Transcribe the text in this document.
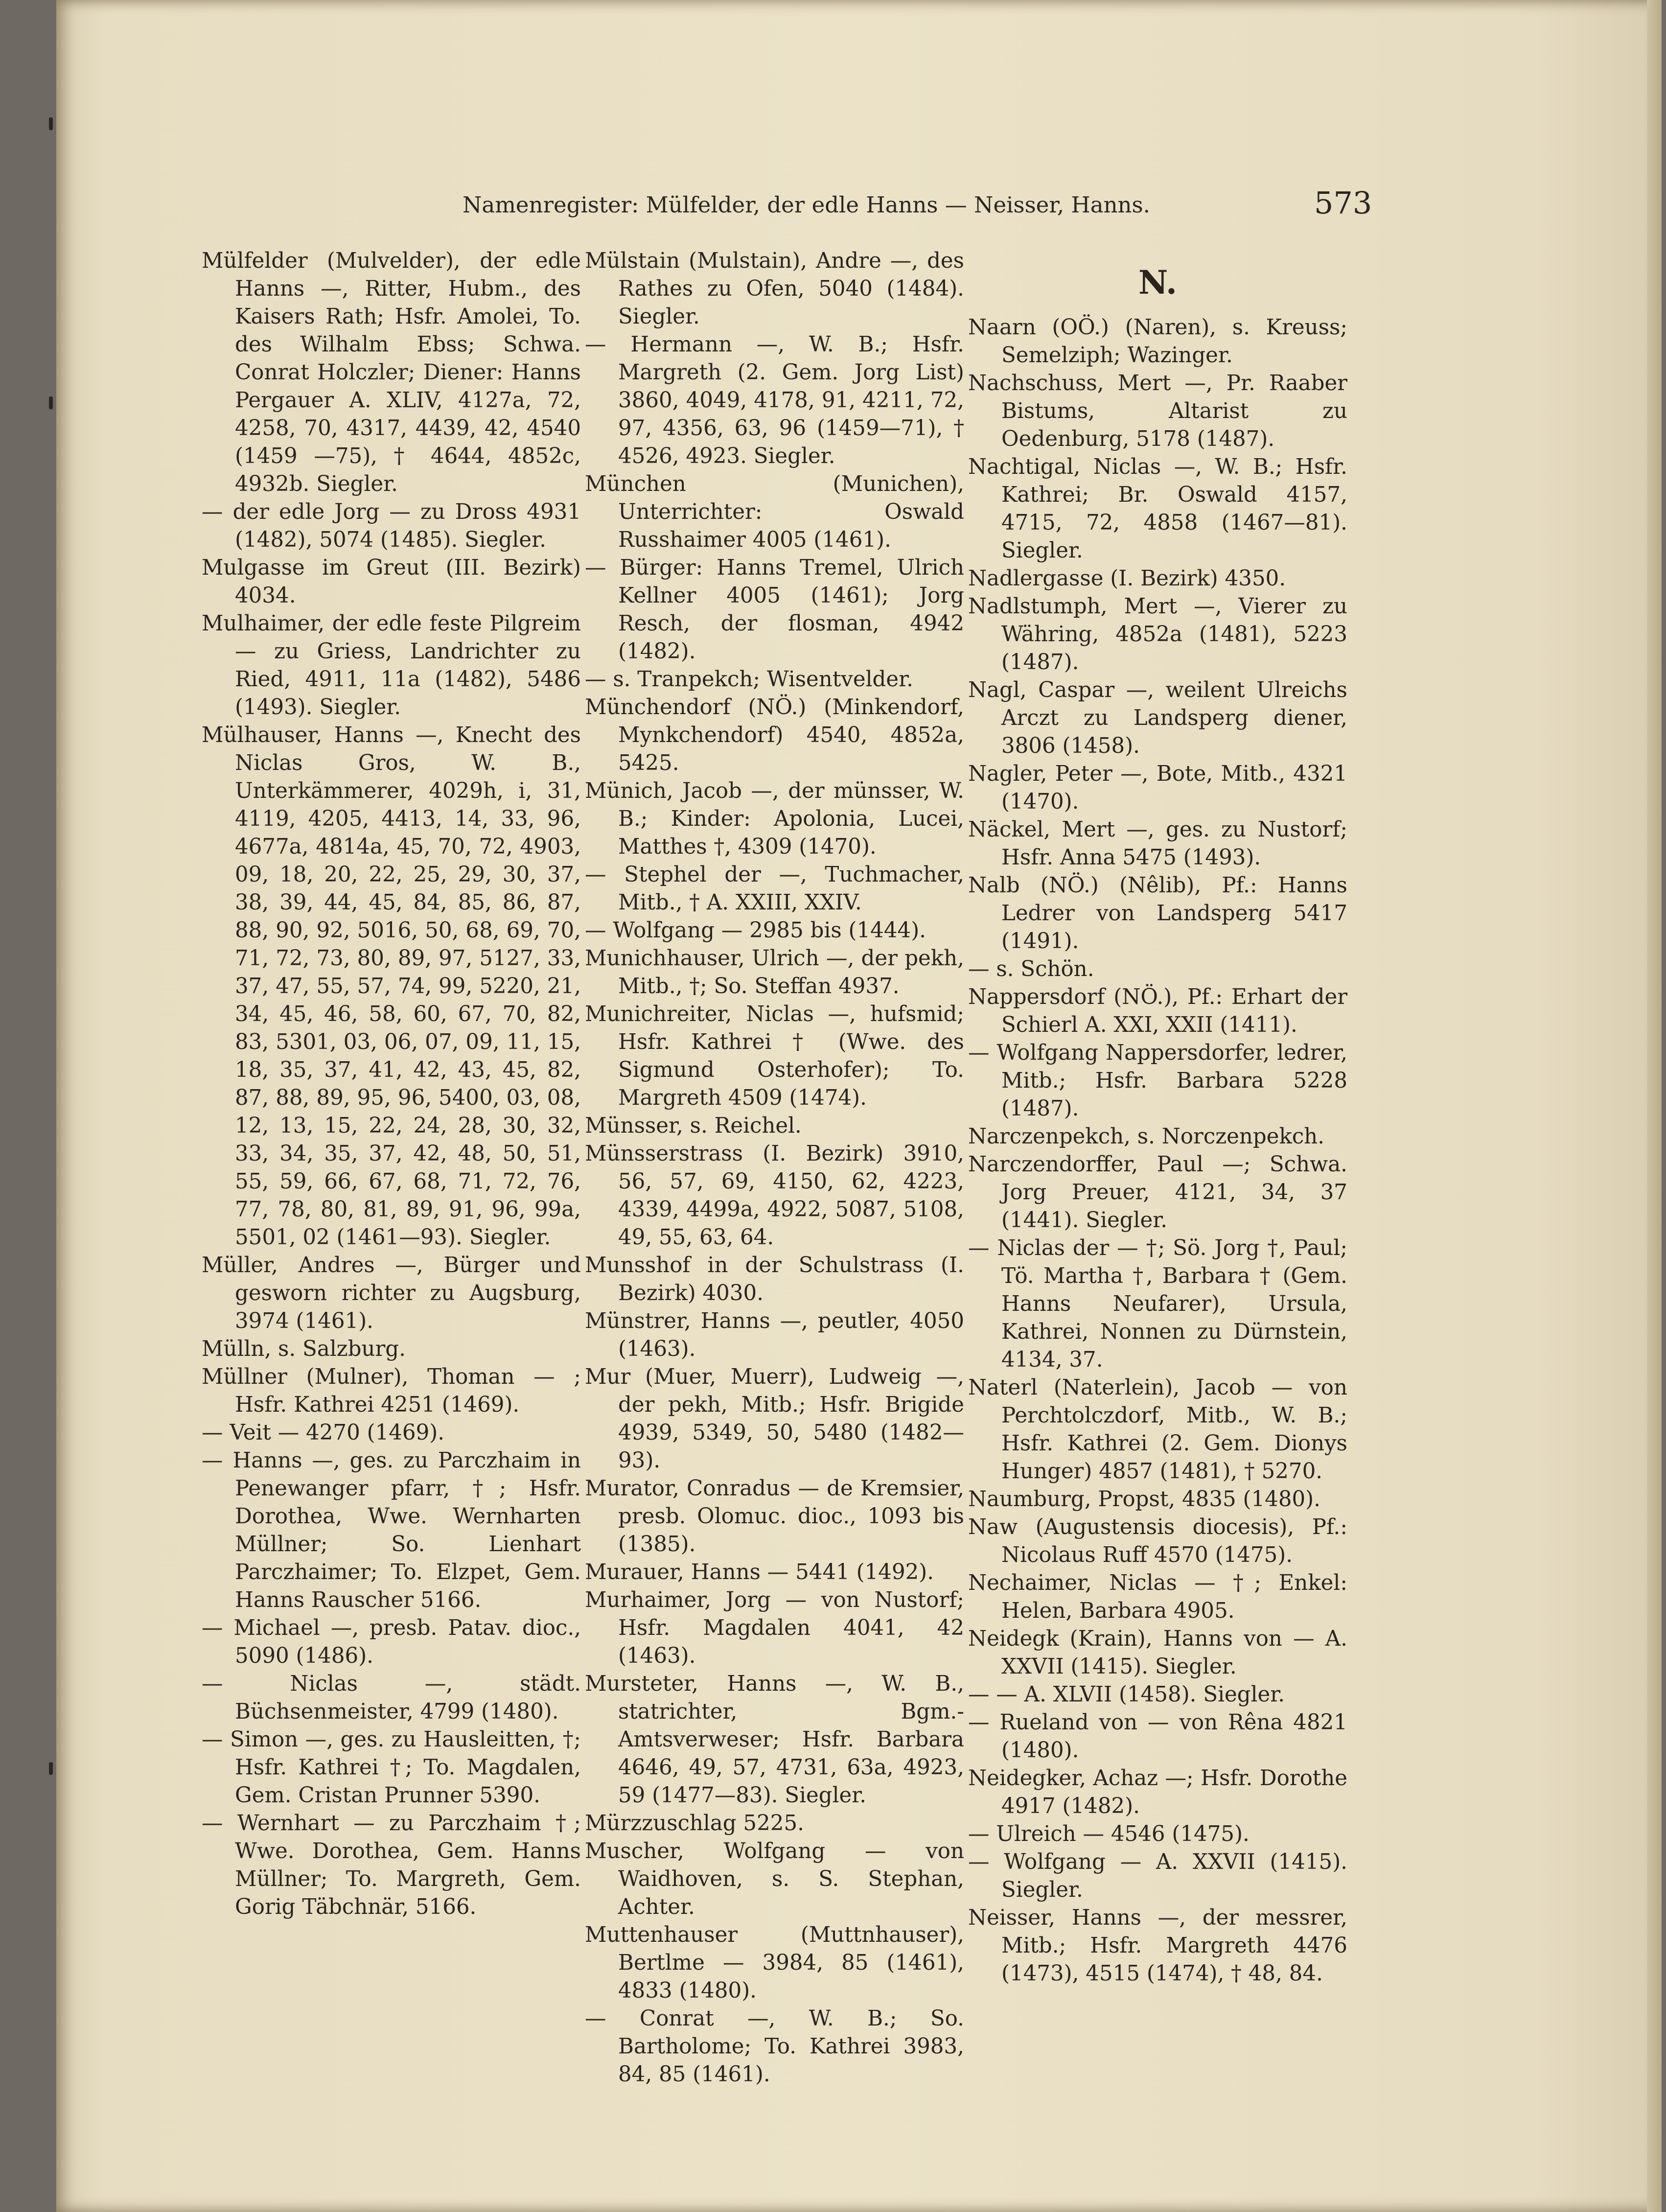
Namenregister: Mülfelder, der edle Hanns — Neisser, Hanns.	573

Mülfelder (Mulvelder), der edle Hanns —, Ritter, Hubm., des Kaisers Rath; Hsfr. Amolei, To. des Wilhalm Ebss; Schwa. Conrat Holczler; Diener: Hanns Pergauer A. XLIV, 4127a, 72, 4258, 70, 4317, 4439, 42, 4540 (1459 —75), † 4644, 4852c, 4932b. Siegler.

— der edle Jorg — zu Dross 4931 (1482), 5074 (1485). Siegler.

Mulgasse im Greut (III. Bezirk) 4034.

Mulhaimer, der edle feste Pilgreim — zu Griess, Landrichter zu Ried, 4911, 11a (1482), 5486 (1493). Siegler.

Mülhauser, Hanns —, Knecht des Niclas Gros, W. B., Unterkämmerer, 4029h, i, 31, 4119, 4205, 4413, 14, 33, 96, 4677a, 4814a, 45, 70, 72, 4903, 09, 18, 20, 22, 25, 29, 30, 37, 38, 39, 44, 45, 84, 85, 86, 87, 88, 90, 92, 5016, 50, 68, 69, 70, 71, 72, 73, 80, 89, 97, 5127, 33, 37, 47, 55, 57, 74, 99, 5220, 21, 34, 45, 46, 58, 60, 67, 70, 82, 83, 5301, 03, 06, 07, 09, 11, 15, 18, 35, 37, 41, 42, 43, 45, 82, 87, 88, 89, 95, 96, 5400, 03, 08, 12, 13, 15, 22, 24, 28, 30, 32, 33, 34, 35, 37, 42, 48, 50, 51, 55, 59, 66, 67, 68, 71, 72, 76, 77, 78, 80, 81, 89, 91, 96, 99a, 5501, 02 (1461—93). Siegler.

Müller, Andres —, Bürger und gesworn richter zu Augsburg, 3974 (1461).

Mülln, s. Salzburg.

Müllner (Mulner), Thoman — ; Hsfr. Kathrei 4251 (1469).

— Veit — 4270 (1469).

— Hanns —, ges. zu Parczhaim in Penewanger pfarr, †; Hsfr. Dorothea, Wwe. Wernharten Müllner; So. Lienhart Parczhaimer; To. Elzpet, Gem. Hanns Rauscher 5166.

— Michael —, presb. Patav. dioc., 5090 (1486).

— Niclas —, städt. Büchsenmeister, 4799 (1480).

— Simon —, ges. zu Hausleitten, †; Hsfr. Kathrei †; To. Magdalen, Gem. Cristan Prunner 5390.

— Wernhart — zu Parczhaim †; Wwe. Dorothea, Gem. Hanns Müllner; To. Margreth, Gem. Gorig Täbchnär, 5166.

Mülstain (Mulstain), Andre —, des Rathes zu Ofen, 5040 (1484). Siegler.

— Hermann —, W. B.; Hsfr. Margreth (2. Gem. Jorg List) 3860, 4049, 4178, 91, 4211, 72, 97, 4356, 63, 96 (1459—71), † 4526, 4923. Siegler.

München (Munichen), Unterrichter: Oswald Russhaimer 4005 (1461).

— Bürger: Hanns Tremel, Ulrich Kellner 4005 (1461); Jorg Resch, der flosman, 4942 (1482).

— s. Tranpekch; Wisentvelder.

Münchendorf (NÖ.) (Minkendorf, Mynkchendorf) 4540, 4852a, 5425.

Münich, Jacob —, der münsser, W. B.; Kinder: Apolonia, Lucei, Matthes †, 4309 (1470).

— Stephel der —, Tuchmacher, Mitb., † A. XXIII, XXIV.

— Wolfgang — 2985 bis (1444).

Munichhauser, Ulrich —, der pekh, Mitb., †; So. Steffan 4937.

Munichreiter, Niclas —, hufsmid; Hsfr. Kathrei † (Wwe. des Sigmund Osterhofer); To. Margreth 4509 (1474).

Münsser, s. Reichel.

Münsserstrass (I. Bezirk) 3910, 56, 57, 69, 4150, 62, 4223, 4339, 4499a, 4922, 5087, 5108, 49, 55, 63, 64.

Munsshof in der Schulstrass (I. Bezirk) 4030.

Münstrer, Hanns —, peutler, 4050 (1463).

Mur (Muer, Muerr), Ludweig —, der pekh, Mitb.; Hsfr. Brigide 4939, 5349, 50, 5480 (1482—93).

Murator, Conradus — de Kremsier, presb. Olomuc. dioc., 1093 bis (1385).

Murauer, Hanns — 5441 (1492).

Murhaimer, Jorg — von Nustorf; Hsfr. Magdalen 4041, 42 (1463).

Mursteter, Hanns —, W. B., statrichter, Bgm.-Amtsverweser; Hsfr. Barbara 4646, 49, 57, 4731, 63a, 4923, 59 (1477—83). Siegler.

Mürzzuschlag 5225.

Muscher, Wolfgang — von Waidhoven, s. S. Stephan, Achter.

Muttenhauser (Muttnhauser), Bertlme — 3984, 85 (1461), 4833 (1480).

— Conrat —, W. B.; So. Bartholome; To. Kathrei 3983, 84, 85 (1461).

N.

Naarn (OÖ.) (Naren), s. Kreuss; Semelziph; Wazinger.

Nachschuss, Mert —, Pr. Raaber Bistums, Altarist zu Oedenburg, 5178 (1487).

Nachtigal, Niclas —, W. B.; Hsfr. Kathrei; Br. Oswald 4157, 4715, 72, 4858 (1467—81). Siegler.

Nadlergasse (I. Bezirk) 4350.

Nadlstumph, Mert —, Vierer zu Währing, 4852a (1481), 5223 (1487).

Nagl, Caspar —, weilent Ulreichs Arczt zu Landsperg diener, 3806 (1458).

Nagler, Peter —, Bote, Mitb., 4321 (1470).

Näckel, Mert —, ges. zu Nustorf; Hsfr. Anna 5475 (1493).

Nalb (NÖ.) (Nêlib), Pf.: Hanns Ledrer von Landsperg 5417 (1491).

— s. Schön.

Nappersdorf (NÖ.), Pf.: Erhart der Schierl A. XXI, XXII (1411).

— Wolfgang Nappersdorfer, ledrer, Mitb.; Hsfr. Barbara 5228 (1487).

Narczenpekch, s. Norczenpekch.

Narczendorffer, Paul —; Schwa. Jorg Preuer, 4121, 34, 37 (1441). Siegler.

— Niclas der — †; Sö. Jorg †, Paul; Tö. Martha †, Barbara † (Gem. Hanns Neufarer), Ursula, Kathrei, Nonnen zu Dürnstein, 4134, 37.

Naterl (Naterlein), Jacob — von Perchtolczdorf, Mitb., W. B.; Hsfr. Kathrei (2. Gem. Dionys Hunger) 4857 (1481), † 5270.

Naumburg, Propst, 4835 (1480).

Naw (Augustensis diocesis), Pf.: Nicolaus Ruff 4570 (1475).

Nechaimer, Niclas — †; Enkel: Helen, Barbara 4905.

Neidegk (Krain), Hanns von — A. XXVII (1415). Siegler.

— — A. XLVII (1458). Siegler.

— Rueland von — von Rêna 4821 (1480).

Neidegker, Achaz —; Hsfr. Dorothe 4917 (1482).

— Ulreich — 4546 (1475).

— Wolfgang — A. XXVII (1415). Siegler.

Neisser, Hanns —, der messrer, Mitb.; Hsfr. Margreth 4476 (1473), 4515 (1474), † 48, 84.
